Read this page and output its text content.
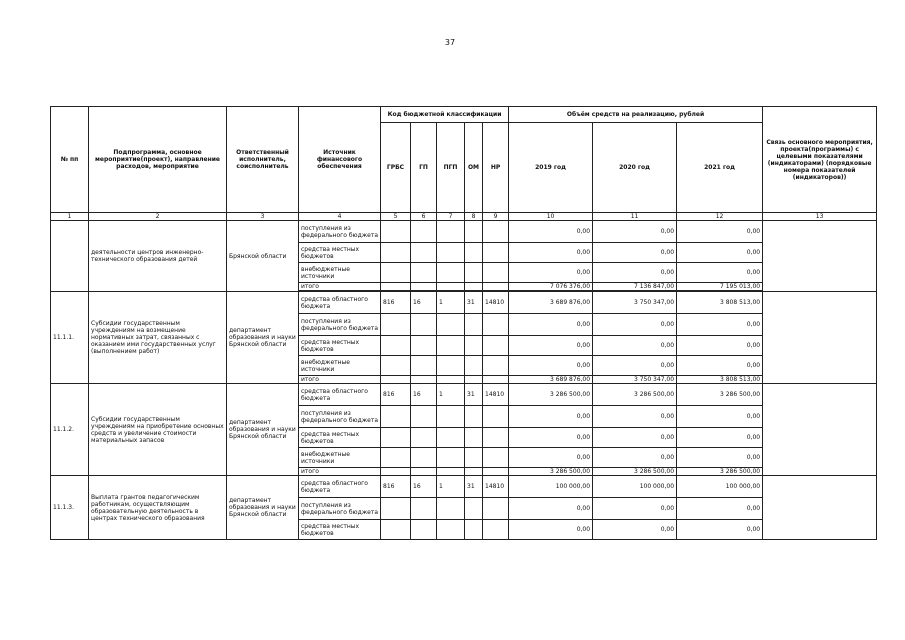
37
№ пп	Подпрограмма, основное мероприятие(проект), направление расходов, мероприятие	Ответственный исполнитель, соисполнитель	Источник финансового обеспечения	Код бюджетной классификации					Объём средств на реализацию, рублей			Связь основного мероприятия, проекта(программы) с целевыми показателями (индикаторами) (порядковые номера показателей (индикаторов))	
				ГРБС	ГП	ПГП	ОМ	НР	2019 год	2020 год	2021 год		
1	2	3	4	5	6	7	8	9	10	11	12	13	
	деятельности центров инженерно-технического образования детей	Брянской области	поступления из федерального бюджета						0,00	0,00	0,00		
			средства местных бюджетов						0,00	0,00	0,00		
			внебюджетные источники						0,00	0,00	0,00		
			итого						7 076 376,00	7 136 847,00	7 195 013,00		

11.1.1.	Субсидии государственным учреждениям на возмещение нормативных затрат, связанных с оказанием ими государственных услуг (выполнением работ)	департамент образования и науки Брянской области	средства областного бюджета	816	16	1	31	14810	3 689 876,00	3 750 347,00	3 808 513,00		
			поступления из федерального бюджета						0,00	0,00	0,00		
			средства местных бюджетов						0,00	0,00	0,00		
			внебюджетные источники						0,00	0,00	0,00		
			итого						3 689 876,00	3 750 347,00	3 808 513,00		
11.1.2.	Субсидии государственным учреждениям на приобретение основных средств и увеличение стоимости материальных запасов	департамент образования и науки Брянской области	средства областного бюджета	816	16	1	31	14810	3 286 500,00	3 286 500,00	3 286 500,00		
			поступления из федерального бюджета						0,00	0,00	0,00		
			средства местных бюджетов						0,00	0,00	0,00		
			внебюджетные источники						0,00	0,00	0,00		
			итого						3 286 500,00	3 286 500,00	3 286 500,00		
11.1.3.	Выплата грантов педагогическим работникам, осуществляющим образовательную деятельность в центрах технического образования	департамент образования и науки Брянской области	средства областного бюджета	816	16	1	31	14810	100 000,00	100 000,00	100 000,00		
			поступления из федерального бюджета						0,00	0,00	0,00		
			средства местных бюджетов						0,00	0,00	0,00		
